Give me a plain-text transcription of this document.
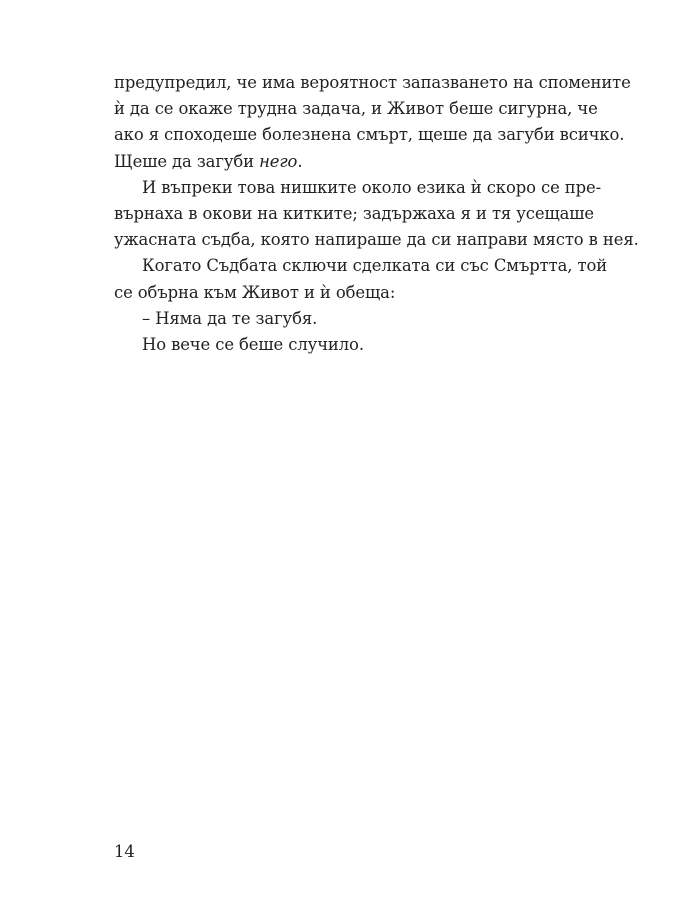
предупредил, че има вероятност запазването на спомените
ѝ да се окаже трудна задача, и Живот беше сигурна, че
ако я споходеше болезнена смърт, щеше да загуби всичко.
Щеше да загуби него.
И въпреки това нишките около езика ѝ скоро се пре-
върнаха в окови на китките; задържаха я и тя усещаше
ужасната съдба, която напираше да си направи място в нея.
Когато Съдбата сключи сделката си със Смъртта, той
се обърна към Живот и ѝ обеща:
– Няма да те загубя.
Но вече се беше случило.
14
